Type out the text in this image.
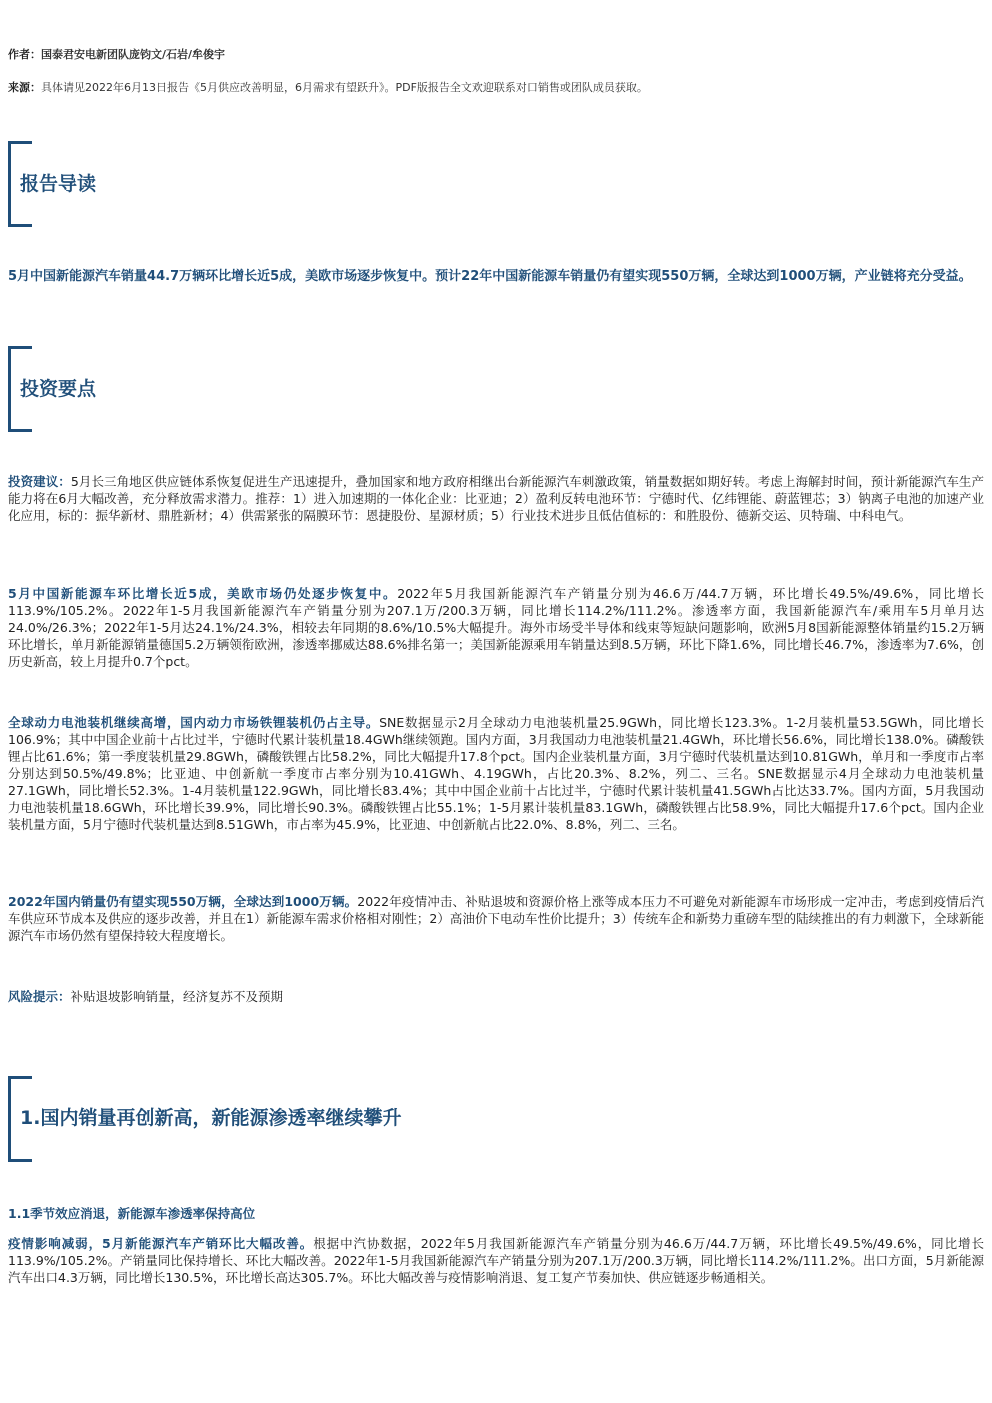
作者：国泰君安电新团队庞钧文/石岩/牟俊宇
来源：具体请见2022年6月13日报告《5月供应改善明显，6月需求有望跃升》。PDF版报告全文欢迎联系对口销售或团队成员获取。
报告导读
5月中国新能源汽车销量44.7万辆环比增长近5成，美欧市场逐步恢复中。预计22年中国新能源车销量仍有望实现550万辆，全球达到1000万辆，产业链将充分受益。
投资要点
投资建议：5月长三角地区供应链体系恢复促进生产迅速提升，叠加国家和地方政府相继出台新能源汽车刺激政策，销量数据如期好转。考虑上海解封时间，预计新能源汽车生产能力将在6月大幅改善，充分释放需求潜力。推荐：1）进入加速期的一体化企业：比亚迪；2）盈利反转电池环节：宁德时代、亿纬锂能、蔚蓝锂芯；3）钠离子电池的加速产业化应用，标的：振华新材、鼎胜新材；4）供需紧张的隔膜环节：恩捷股份、星源材质；5）行业技术进步且低估值标的：和胜股份、德新交运、贝特瑞、中科电气。
5月中国新能源车环比增长近5成，美欧市场仍处逐步恢复中。2022年5月我国新能源汽车产销量分别为46.6万/44.7万辆，环比增长49.5%/49.6%，同比增长113.9%/105.2%。2022年1-5月我国新能源汽车产销量分别为207.1万/200.3万辆，同比增长114.2%/111.2%。渗透率方面，我国新能源汽车/乘用车5月单月达24.0%/26.3%；2022年1-5月达24.1%/24.3%，相较去年同期的8.6%/10.5%大幅提升。海外市场受半导体和线束等短缺问题影响，欧洲5月8国新能源整体销量约15.2万辆环比增长，单月新能源销量德国5.2万辆领衔欧洲，渗透率挪威达88.6%排名第一；美国新能源乘用车销量达到8.5万辆，环比下降1.6%，同比增长46.7%，渗透率为7.6%，创历史新高，较上月提升0.7个pct。
全球动力电池装机继续高增，国内动力市场铁锂装机仍占主导。SNE数据显示2月全球动力电池装机量25.9GWh，同比增长123.3%。1-2月装机量53.5GWh，同比增长106.9%；其中中国企业前十占比过半，宁德时代累计装机量18.4GWh继续领跑。国内方面，3月我国动力电池装机量21.4GWh，环比增长56.6%，同比增长138.0%。磷酸铁锂占比61.6%；第一季度装机量29.8GWh，磷酸铁锂占比58.2%，同比大幅提升17.8个pct。国内企业装机量方面，3月宁德时代装机量达到10.81GWh，单月和一季度市占率分别达到50.5%/49.8%；比亚迪、中创新航一季度市占率分别为10.41GWh、4.19GWh，占比20.3%、8.2%，列二、三名。SNE数据显示4月全球动力电池装机量27.1GWh，同比增长52.3%。1-4月装机量122.9GWh，同比增长83.4%；其中中国企业前十占比过半，宁德时代累计装机量41.5GWh占比达33.7%。国内方面，5月我国动力电池装机量18.6GWh，环比增长39.9%，同比增长90.3%。磷酸铁锂占比55.1%；1-5月累计装机量83.1GWh，磷酸铁锂占比58.9%，同比大幅提升17.6个pct。国内企业装机量方面，5月宁德时代装机量达到8.51GWh，市占率为45.9%，比亚迪、中创新航占比22.0%、8.8%，列二、三名。
2022年国内销量仍有望实现550万辆，全球达到1000万辆。2022年疫情冲击、补贴退坡和资源价格上涨等成本压力不可避免对新能源车市场形成一定冲击，考虑到疫情后汽车供应环节成本及供应的逐步改善，并且在1）新能源车需求价格相对刚性；2）高油价下电动车性价比提升；3）传统车企和新势力重磅车型的陆续推出的有力刺激下，全球新能源汽车市场仍然有望保持较大程度增长。
风险提示：补贴退坡影响销量，经济复苏不及预期
1.国内销量再创新高，新能源渗透率继续攀升
1.1季节效应消退，新能源车渗透率保持高位
疫情影响减弱，5月新能源汽车产销环比大幅改善。根据中汽协数据，2022年5月我国新能源汽车产销量分别为46.6万/44.7万辆，环比增长49.5%/49.6%，同比增长113.9%/105.2%。产销量同比保持增长、环比大幅改善。2022年1-5月我国新能源汽车产销量分别为207.1万/200.3万辆，同比增长114.2%/111.2%。出口方面，5月新能源汽车出口4.3万辆，同比增长130.5%，环比增长高达305.7%。环比大幅改善与疫情影响消退、复工复产节奏加快、供应链逐步畅通相关。
